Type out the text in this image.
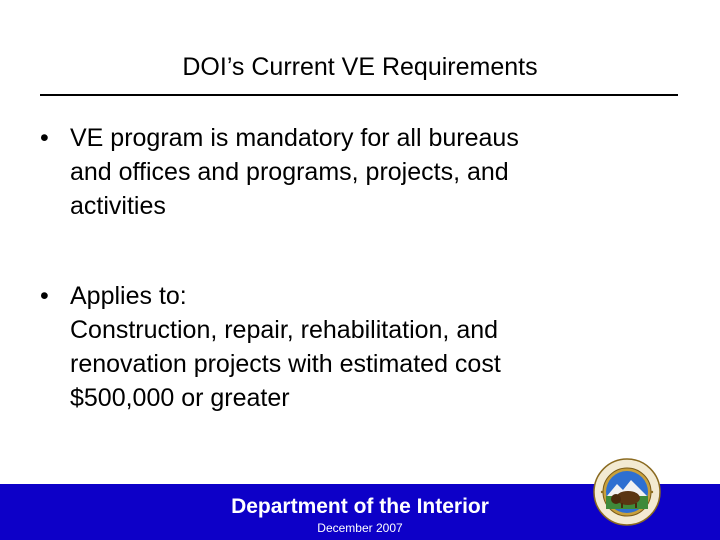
DOI’s Current VE Requirements
• VE program is mandatory for all bureaus
and offices and programs, projects, and
activities
• Applies to:
Construction, repair, rehabilitation, and
renovation projects with estimated cost
$500,000 or greater
Department of the Interior
December 2007
